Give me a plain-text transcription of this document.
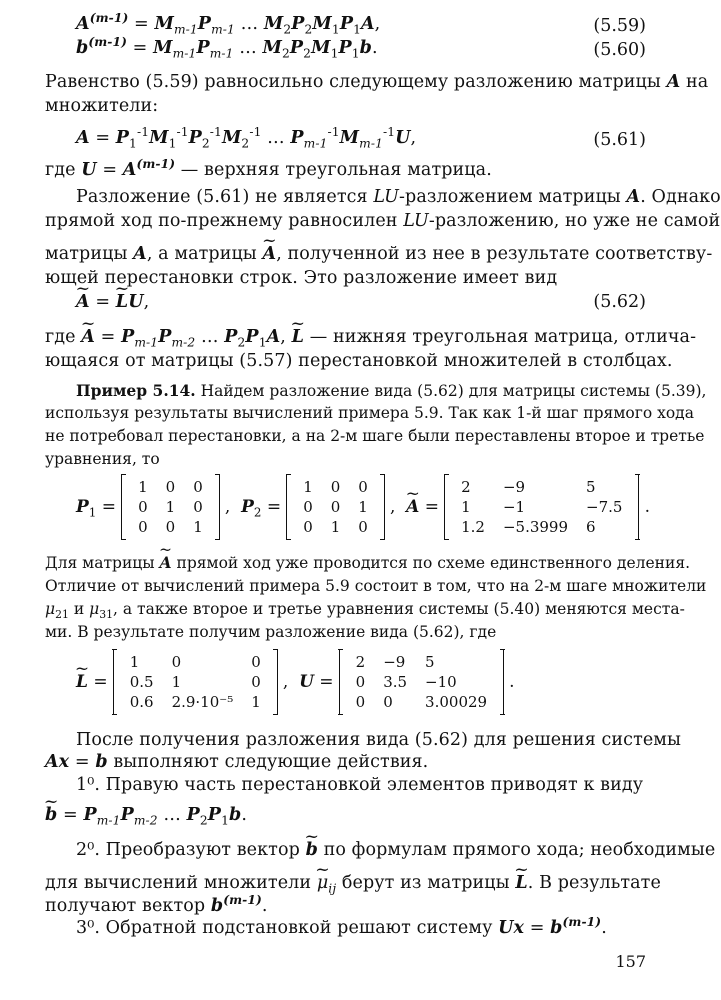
$A^{(m-1)} = M_{m-1}P_{m-1}$ … $M_2P_2M_1P_1A$,	(5.59)
$b^{(m-1)} = M_{m-1}P_{m-1}$ … $M_2P_2M_1P_1b$.	(5.60)
Равенство (5.59) равносильно следующему разложению матрицы A на
множители:
$A = P_1^{-1}M_1^{-1}P_2^{-1}M_2^{-1}$ … $P_{m-1}^{-1}M_{m-1}^{-1}U$,	(5.61)
где $U = A^{(m-1)}$ — верхняя треугольная матрица.
Разложение (5.61) не является LU-разложением матрицы A. Однако
прямой ход по-прежнему равносилен LU-разложению, но уже не самой
матрицы A, а матрицы ~ A, полученной из нее в результате соответству-
ющей перестановки строк. Это разложение имеет вид
~ A = ~ LU,	(5.62)
где ~ $A = P_{m-1}P_{m-2}$ … $P_2P_1A$, ~ L — нижняя треугольная матрица, отлича-
ющаяся от матрицы (5.57) перестановкой множителей в столбцах.
Пример 5.14. Найдем разложение вида (5.62) для матрицы системы (5.39),
используя результаты вычислений примера 5.9. Так как 1-й шаг прямого хода
не потребовал перестановки, а на 2-м шаге были переставлены второе и третье
уравнения, то
$P_1$ =
1	0	0
0	1	0
0	0	1
,  $P_2$ =
1	0	0
0	0	1
0	1	0
,  ~ A =
2	−9	5
1	−1	−7.5
1.2	−5.3999	6
.
Для матрицы ~ A прямой ход уже проводится по схеме единственного деления.
Отличие от вычислений примера 5.9 состоит в том, что на 2-м шаге множители
$\mu_{21}$ и $\mu_{31}$, а также второе и третье уравнения системы (5.40) меняются места-
ми. В результате получим разложение вида (5.62), где
~ L =
1	0	0
0.5	1	0
0.6	2.9·10⁻⁵	1
,  U =
2	−9	5
0	3.5	−10
0	0	3.00029
.
После получения разложения вида (5.62) для решения системы
Ax = b выполняют следующие действия.
1⁰. Правую часть перестановкой элементов приводят к виду
~ $b = P_{m-1}P_{m-2}$ … $P_2P_1b$.
2⁰. Преобразуют вектор ~ b по формулам прямого хода; необходимые
для вычислений множители ~ $\mu_{ij}$ берут из матрицы ~ L. В результате
получают вектор $b^{(m-1)}$.
3⁰. Обратной подстановкой решают систему $Ux = b^{(m-1)}$.
157
